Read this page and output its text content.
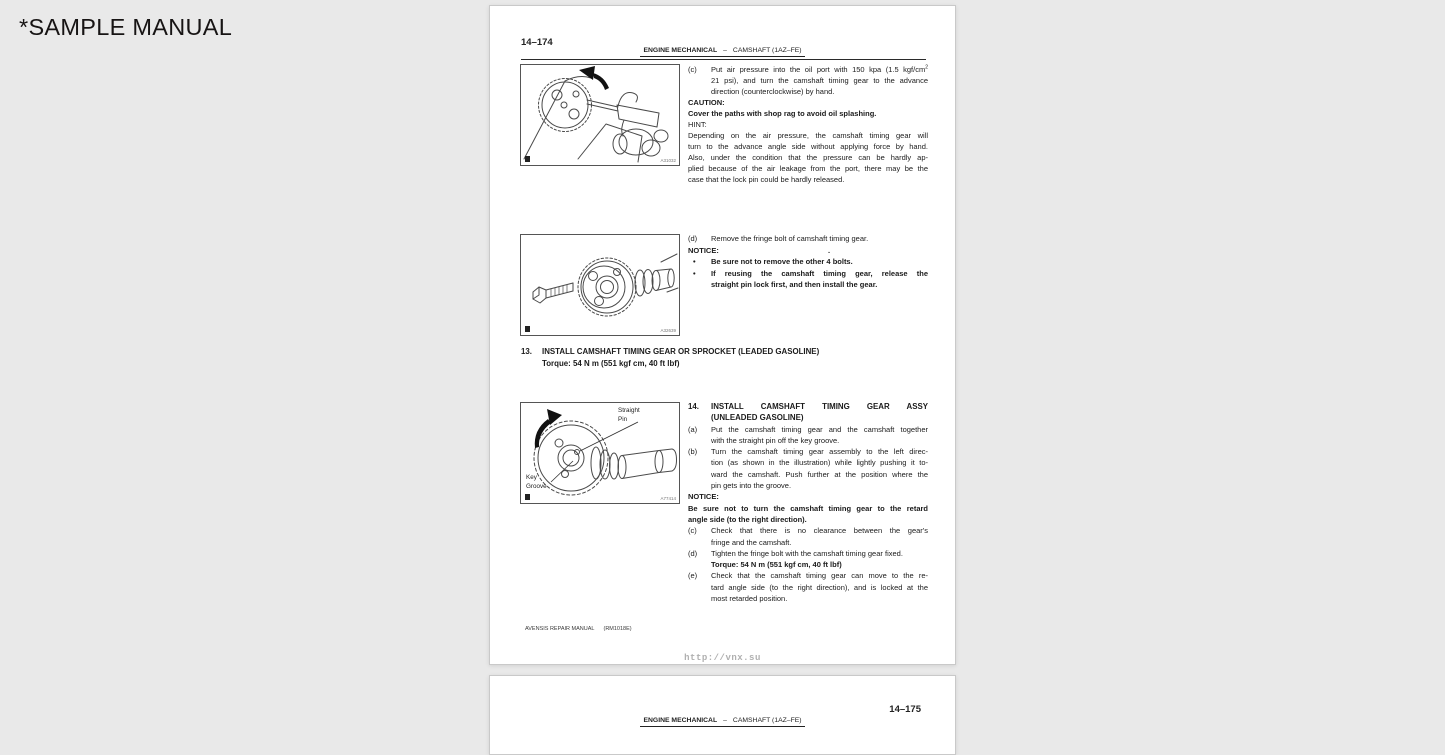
*SAMPLE MANUAL
14–174
ENGINE MECHANICAL – CAMSHAFT (1AZ–FE)
A31032
(c)	Put air pressure into the oil port with 150 kpa (1.5 kgf/$cm^2$
21 psi), and turn the camshaft timing gear to the advance
direction (counterclockwise) by hand.
CAUTION:
Cover the paths with shop rag to avoid oil splashing.
HINT:
Depending on the air pressure, the camshaft timing gear will
turn to the advance angle side without applying force by hand.
Also, under the condition that the pressure can be hardly ap-
plied because of the air leakage from the port, there may be the
case that the lock pin could be hardly released.
A32639
(d)	Remove the fringe bolt of camshaft timing gear.
NOTICE:	.
•	Be sure not to remove the other 4 bolts.
•	If reusing the camshaft timing gear, release the
straight pin lock first, and then install the gear.
13.	INSTALL CAMSHAFT TIMING GEAR OR SPROCKET (LEADED GASOLINE)
Torque: 54 N m (551 kgf cm, 40 ft lbf)
Straight
Pin
Key
Groove
A77414
14.	INSTALL CAMSHAFT TIMING GEAR ASSY
(UNLEADED GASOLINE)
(a)	Put the camshaft timing gear and the camshaft together
with the straight pin off the key groove.
(b)	Turn the camshaft timing gear assembly to the left direc-
tion (as shown in the illustration) while lightly pushing it to-
ward the camshaft. Push further at the position where the
pin gets into the groove.
NOTICE:
Be sure not to turn the camshaft timing gear to the retard
angle side (to the right direction).
(c)	Check that there is no clearance between the gear's
fringe and the camshaft.
(d)	Tighten the fringe bolt with the camshaft timing gear fixed.
Torque: 54 N m (551 kgf cm, 40 ft lbf)
(e)	Check that the camshaft timing gear can move to the re-
tard angle side (to the right direction), and is locked at the
most retarded position.
AVENSIS REPAIR MANUAL (RM1018E)
http://vnx.su
14–175
ENGINE MECHANICAL – CAMSHAFT (1AZ–FE)
